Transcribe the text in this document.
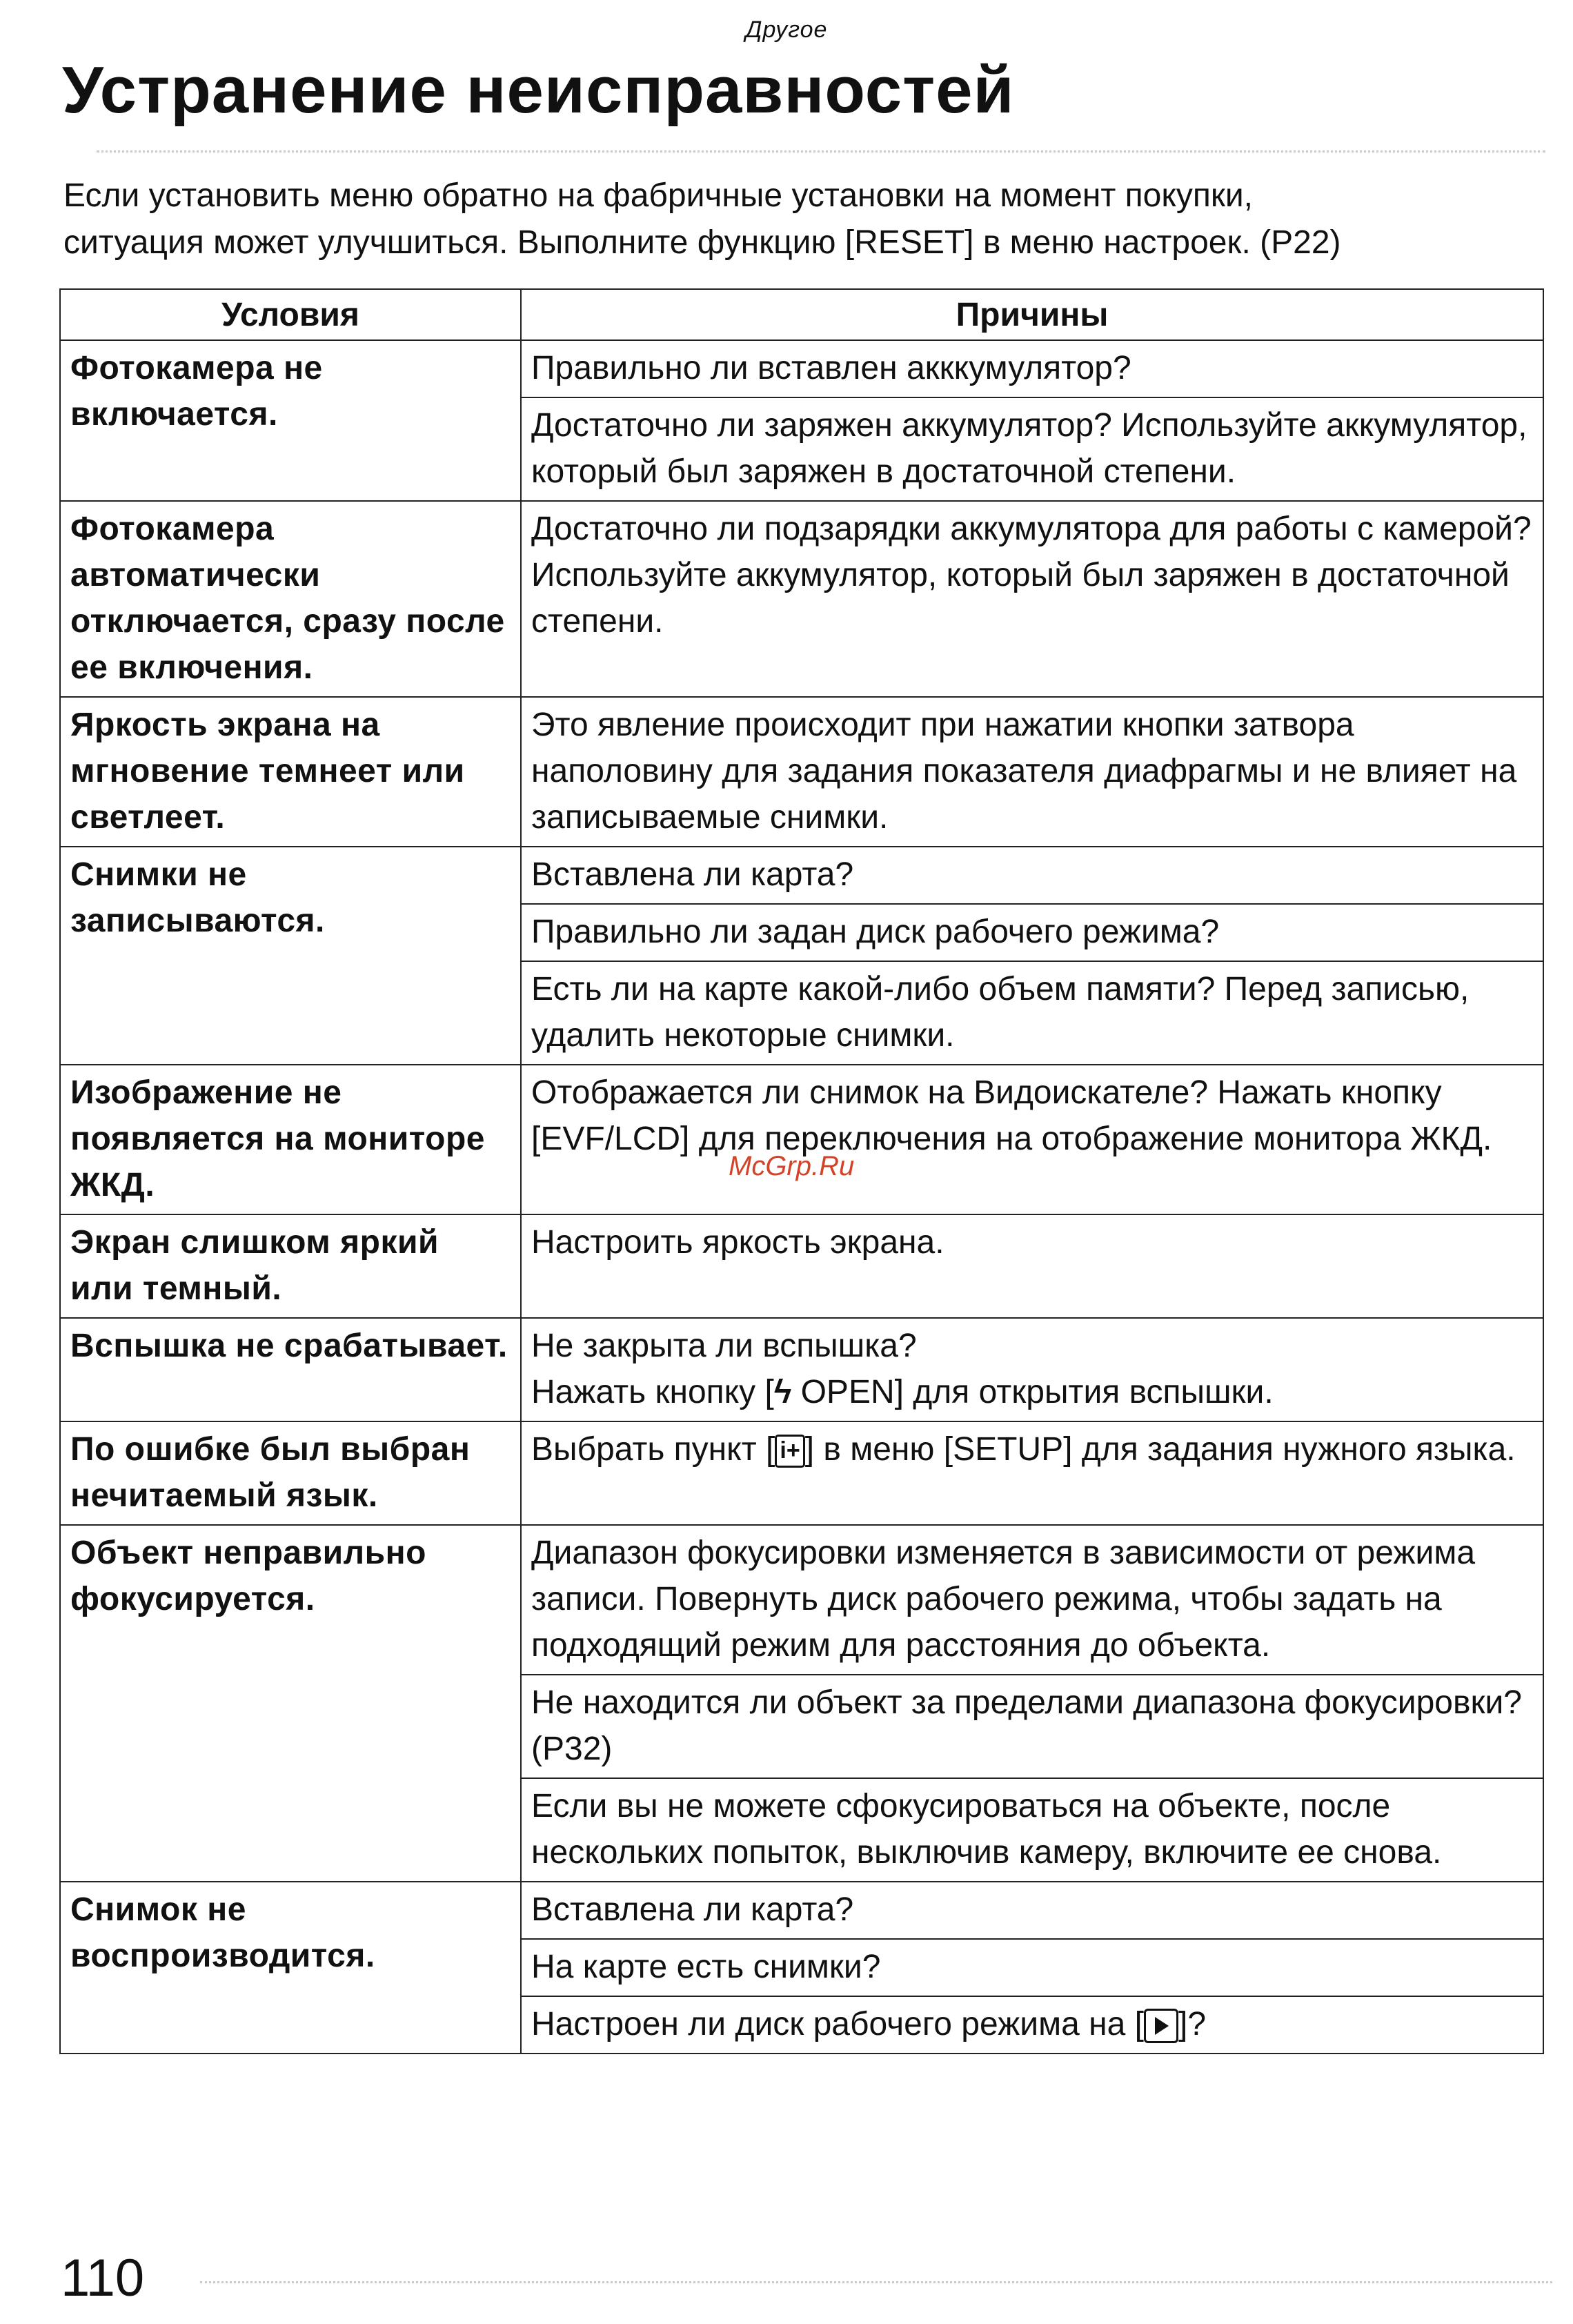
Другое
Устранение неисправностей

Если установить меню обратно на фабричные установки на момент покупки,
ситуация может улучшиться. Выполните функцию [RESET] в меню настроек. (P22)

Условия	Причины
Фотокамера не включается.	Правильно ли вставлен акккумулятор?
	Достаточно ли заряжен аккумулятор? Используйте аккумулятор, который был заряжен в достаточной степени.
Фотокамера автоматически отключается, сразу после ее включения.	Достаточно ли подзарядки аккумулятора для работы с камерой? Используйте аккумулятор, который был заряжен в достаточной степени.
Яркость экрана на мгновение темнеет или светлеет.	Это явление происходит при нажатии кнопки затвора наполовину для задания показателя диафрагмы и не влияет на записываемые снимки.
Снимки не записываются.	Вставлена ли карта?
	Правильно ли задан диск рабочего режима?
	Есть ли на карте какой-либо объем памяти? Перед записью, удалить некоторые снимки.
Изображение не появляется на мониторе ЖКД.	Отображается ли снимок на Видоискателе? Нажать кнопку [EVF/LCD] для переключения на отображение монитора ЖКД.
Экран слишком яркий или темный.	Настроить яркость экрана.
Вспышка не срабатывает.	Не закрыта ли вспышка?
Нажать кнопку [ϟ OPEN] для открытия вспышки.

По ошибке был выбран нечитаемый язык.	Выбрать пункт [ i+ ] в меню [SETUP] для задания нужного языка.
Объект неправильно фокусируется.	Диапазон фокусировки изменяется в зависимости от режима записи. Повернуть диск рабочего режима, чтобы задать на подходящий режим для расстояния до объекта.
	Не находится ли объект за пределами диапазона фокусировки? (P32)
	Если вы не можете сфокусироваться на объекте, после нескольких попыток, выключив камеру, включите ее снова.
Снимок не воспроизводится.	Вставлена ли карта?
	На карте есть снимки?
	Настроен ли диск рабочего режима на [ ]?
McGrp.Ru
110
